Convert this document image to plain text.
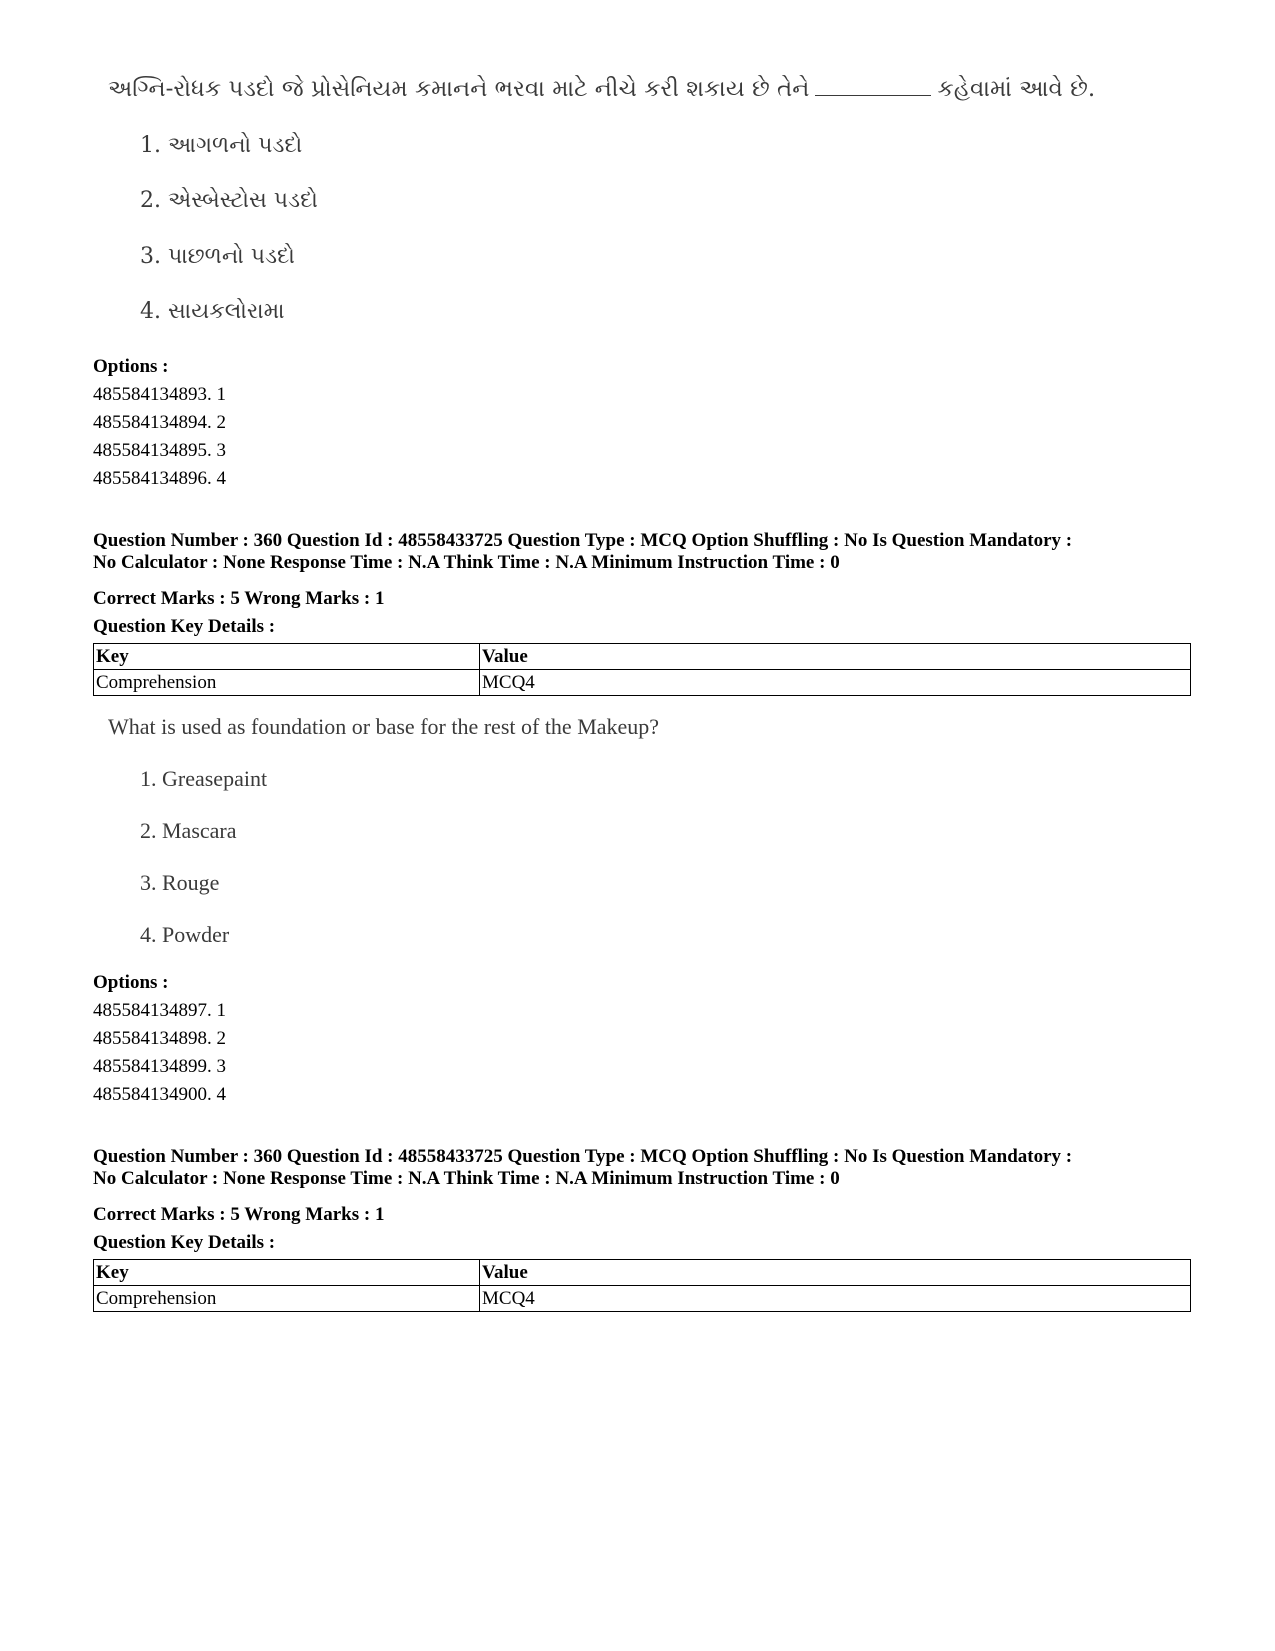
અગ્નિ-રોધક પડદો જે પ્રોસેનિયમ કમાનને ભરવા માટે નીચે કરી શકાય છે તેને	કહેવામાં આવે છે.
1. આગળનો પડદો
2. એસ્બેસ્ટોસ પડદો
3. પાછળનો પડદો
4. સાયકલોરામા
Options :
485584134893. 1
485584134894. 2
485584134895. 3
485584134896. 4
Question Number : 360 Question Id : 48558433725 Question Type : MCQ Option Shuffling : No Is Question Mandatory :
No Calculator : None Response Time : N.A Think Time : N.A Minimum Instruction Time : 0
Correct Marks : 5 Wrong Marks : 1
Question Key Details :
Key	Value
Comprehension	MCQ4
What is used as foundation or base for the rest of the Makeup?
1. Greasepaint
2. Mascara
3. Rouge
4. Powder
Options :
485584134897. 1
485584134898. 2
485584134899. 3
485584134900. 4
Question Number : 360 Question Id : 48558433725 Question Type : MCQ Option Shuffling : No Is Question Mandatory :
No Calculator : None Response Time : N.A Think Time : N.A Minimum Instruction Time : 0
Correct Marks : 5 Wrong Marks : 1
Question Key Details :
Key	Value
Comprehension	MCQ4
